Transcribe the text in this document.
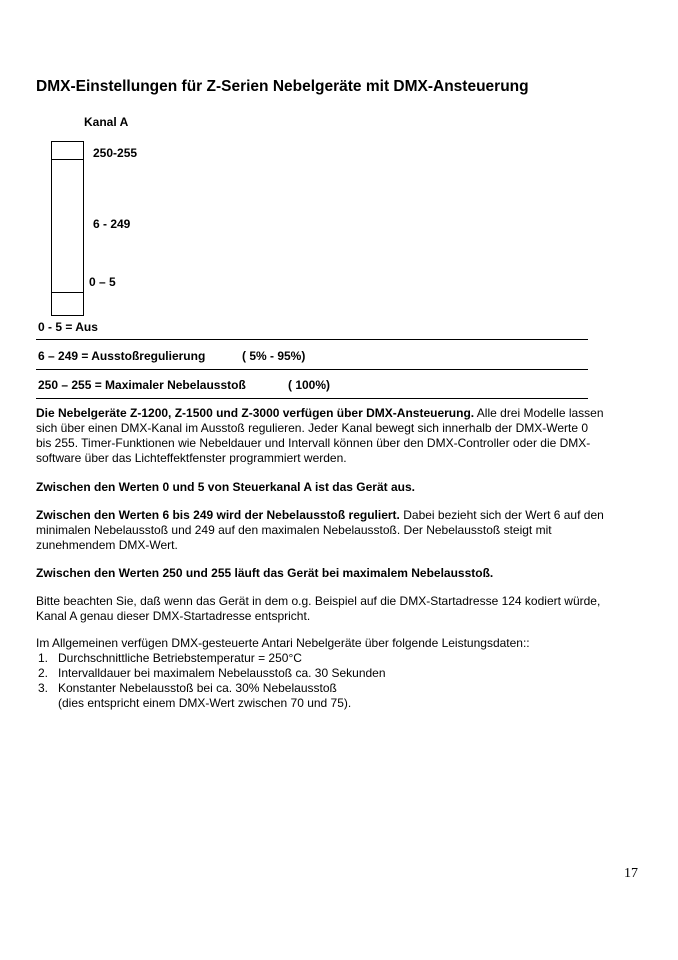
DMX-Einstellungen für Z-Serien Nebelgeräte mit DMX-Ansteuerung
Kanal A
250-255
6 - 249
0 – 5
0 - 5 = Aus
6 – 249 = Ausstoßregulierung	( 5% - 95%)
250 – 255 = Maximaler Nebelausstoß	( 100%)
Die Nebelgeräte Z-1200, Z-1500 und Z-3000 verfügen über DMX-Ansteuerung. Alle drei Modelle lassen
sich über einen DMX-Kanal im Ausstoß regulieren. Jeder Kanal bewegt sich innerhalb der DMX-Werte 0
bis 255. Timer-Funktionen wie Nebeldauer und Intervall können über den DMX-Controller oder die DMX-
software über das Lichteffektfenster programmiert werden.
Zwischen den Werten 0 und 5 von Steuerkanal A ist das Gerät aus.
Zwischen den Werten 6 bis 249 wird der Nebelausstoß reguliert. Dabei bezieht sich der Wert 6 auf den
minimalen Nebelausstoß und 249 auf den maximalen Nebelausstoß. Der Nebelausstoß steigt mit
zunehmendem DMX-Wert.
Zwischen den Werten 250 und 255 läuft das Gerät bei maximalem Nebelausstoß.
Bitte beachten Sie, daß wenn das Gerät in dem o.g. Beispiel auf die DMX-Startadresse 124 kodiert würde,
Kanal A genau dieser DMX-Startadresse entspricht.
Im Allgemeinen verfügen DMX-gesteuerte Antari Nebelgeräte über folgende Leistungsdaten::
1. Durchschnittliche Betriebstemperatur = 250°C
2. Intervalldauer bei maximalem Nebelausstoß ca. 30 Sekunden
3. Konstanter Nebelausstoß bei ca. 30% Nebelausstoß
(dies entspricht einem DMX-Wert zwischen 70 und 75).
17
